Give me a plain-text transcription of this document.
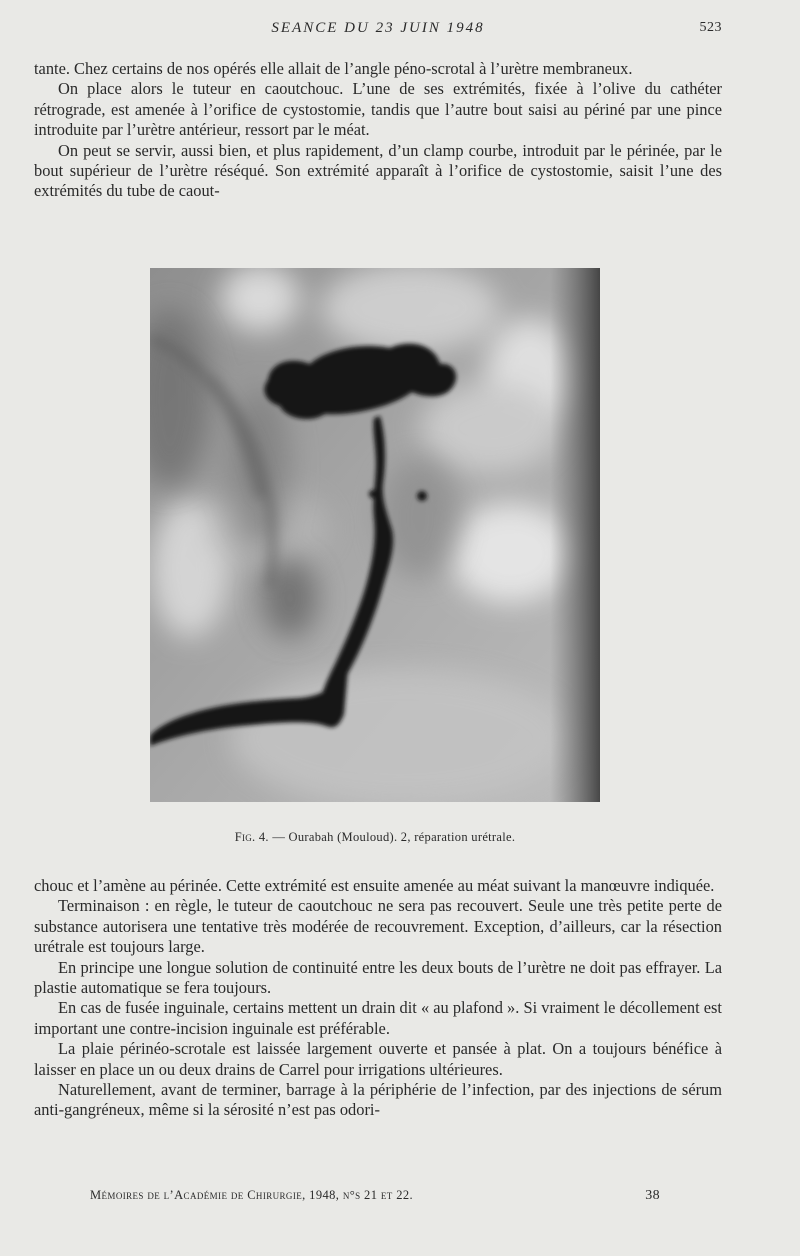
SEANCE DU 23 JUIN 1948	523

tante. Chez certains de nos opérés elle allait de l’angle péno-scrotal à l’urètre membraneux.

On place alors le tuteur en caoutchouc. L’une de ses extrémités, fixée à l’olive du cathéter rétrograde, est amenée à l’orifice de cystostomie, tandis que l’autre bout saisi au périné par une pince introduite par l’urètre antérieur, ressort par le méat.

On peut se servir, aussi bien, et plus rapidement, d’un clamp courbe, introduit par le périnée, par le bout supérieur de l’urètre réséqué. Son extrémité apparaît à l’orifice de cystostomie, saisit l’une des extrémités du tube de caout-

Fig. 4. — Ourabah (Mouloud). 2, réparation urétrale.

chouc et l’amène au périnée. Cette extrémité est ensuite amenée au méat suivant la manœuvre indiquée.

Terminaison : en règle, le tuteur de caoutchouc ne sera pas recouvert. Seule une très petite perte de substance autorisera une tentative très modérée de recouvrement. Exception, d’ailleurs, car la résection urétrale est toujours large.

En principe une longue solution de continuité entre les deux bouts de l’urètre ne doit pas effrayer. La plastie automatique se fera toujours.

En cas de fusée inguinale, certains mettent un drain dit « au plafond ». Si vraiment le décollement est important une contre-incision inguinale est préférable.

La plaie périnéo-scrotale est laissée largement ouverte et pansée à plat. On a toujours bénéfice à laisser en place un ou deux drains de Carrel pour irrigations ultérieures.

Naturellement, avant de terminer, barrage à la périphérie de l’infection, par des injections de sérum anti-gangréneux, même si la sérosité n’est pas odori-

Mémoires de l’Académie de Chirurgie, 1948, n°s 21 et 22.	38
